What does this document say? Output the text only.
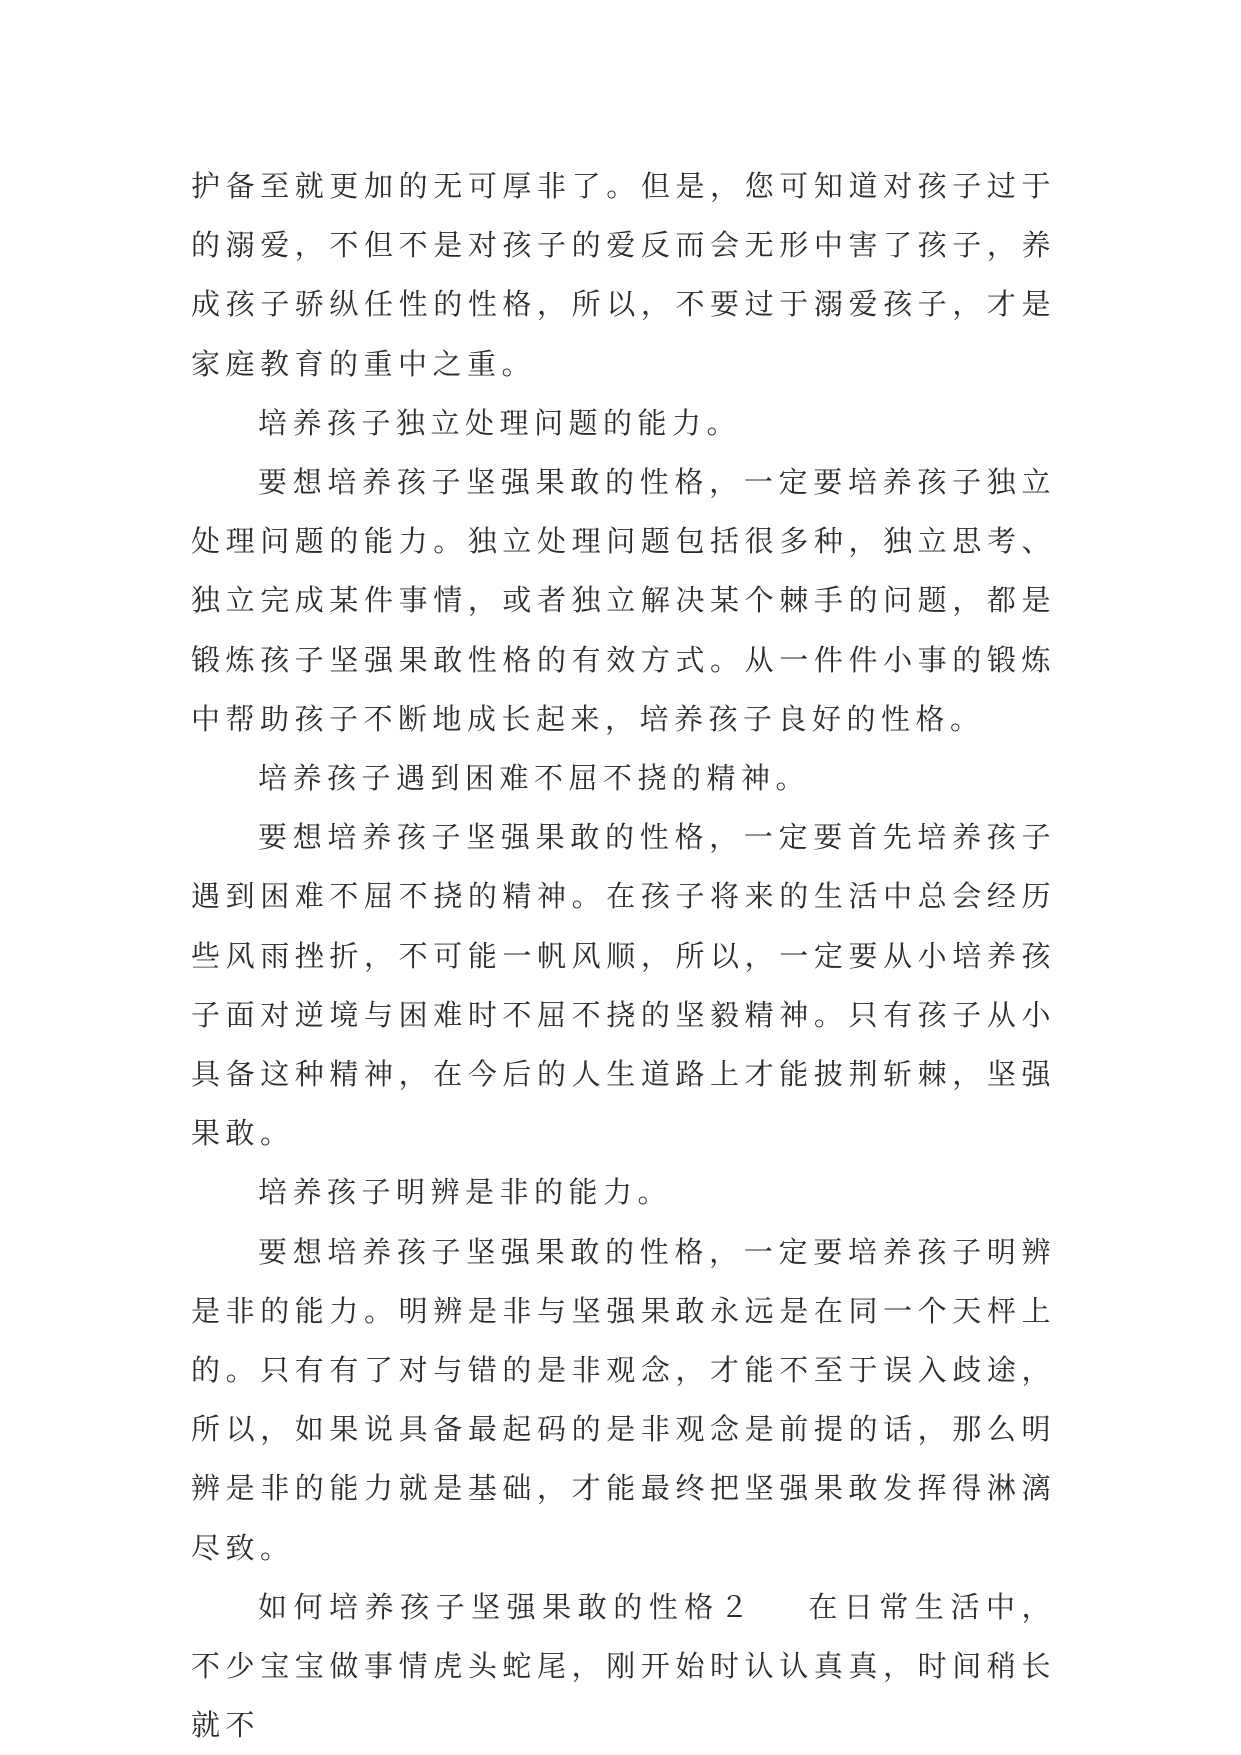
护备至就更加的无可厚非了。但是，您可知道对孩子过于的溺爱，不但不是对孩子的爱反而会无形中害了孩子，养成孩子骄纵任性的性格，所以，不要过于溺爱孩子，才是家庭教育的重中之重。

培养孩子独立处理问题的能力。

要想培养孩子坚强果敢的性格，一定要培养孩子独立处理问题的能力。独立处理问题包括很多种，独立思考、独立完成某件事情，或者独立解决某个棘手的问题，都是锻炼孩子坚强果敢性格的有效方式。从一件件小事的锻炼中帮助孩子不断地成长起来，培养孩子良好的性格。

培养孩子遇到困难不屈不挠的精神。

要想培养孩子坚强果敢的性格，一定要首先培养孩子遇到困难不屈不挠的精神。在孩子将来的生活中总会经历些风雨挫折，不可能一帆风顺，所以，一定要从小培养孩子面对逆境与困难时不屈不挠的坚毅精神。只有孩子从小具备这种精神，在今后的人生道路上才能披荆斩棘，坚强果敢。

培养孩子明辨是非的能力。

要想培养孩子坚强果敢的性格，一定要培养孩子明辨是非的能力。明辨是非与坚强果敢永远是在同一个天枰上的。只有有了对与错的是非观念，才能不至于误入歧途，所以，如果说具备最起码的是非观念是前提的话，那么明辨是非的能力就是基础，才能最终把坚强果敢发挥得淋漓尽致。

如何培养孩子坚强果敢的性格２ 在日常生活中，不少宝宝做事情虎头蛇尾，刚开始时认认真真，时间稍长就不
